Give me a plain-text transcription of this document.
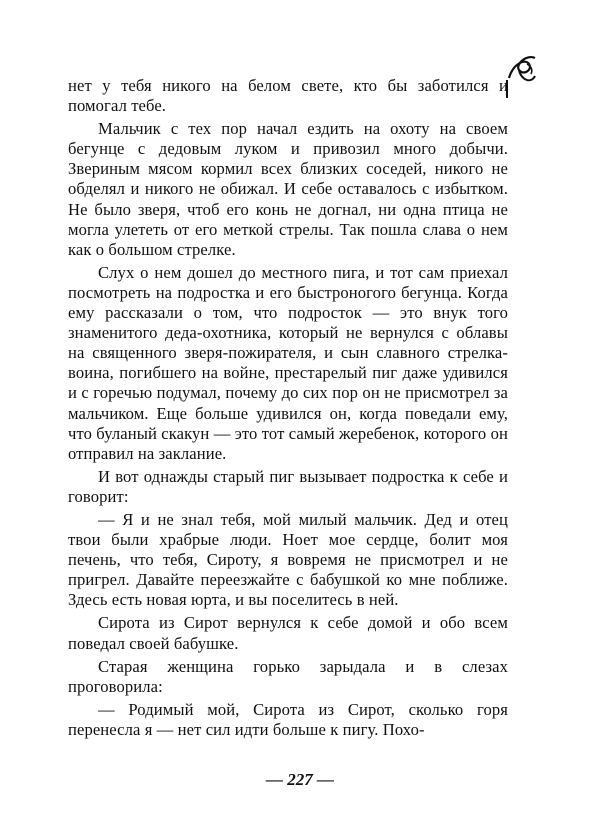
нет у тебя никого на белом свете, кто бы заботился и помогал тебе.

Мальчик с тех пор начал ездить на охоту на своем бегунце с дедовым луком и привозил много добычи. Звериным мясом кормил всех близких соседей, никого не обделял и никого не обижал. И себе оставалось с избытком. Не было зверя, чтоб его конь не догнал, ни одна птица не могла улететь от его меткой стрелы. Так пошла слава о нем как о большом стрелке.

Слух о нем дошел до местного пига, и тот сам приехал посмотреть на подростка и его быстроногого бегунца. Когда ему рассказали о том, что подросток — это внук того знаменитого деда-охотника, который не вернулся с облавы на священного зверя-пожирателя, и сын славного стрелка-воина, погибшего на войне, престарелый пиг даже удивился и с горечью подумал, почему до сих пор он не присмотрел за мальчиком. Еще больше удивился он, когда поведали ему, что буланый скакун — это тот самый жеребенок, которого он отправил на заклание.

И вот однажды старый пиг вызывает подростка к себе и говорит:

— Я и не знал тебя, мой милый мальчик. Дед и отец твои были храбрые люди. Ноет мое сердце, болит моя печень, что тебя, Сироту, я вовремя не присмотрел и не пригрел. Давайте переезжайте с бабушкой ко мне поближе. Здесь есть новая юрта, и вы поселитесь в ней.

Сирота из Сирот вернулся к себе домой и обо всем поведал своей бабушке.

Старая женщина горько зарыдала и в слезах проговорила:

— Родимый мой, Сирота из Сирот, сколько горя перенесла я — нет сил идти больше к пигу. Похо-

— 227 —
